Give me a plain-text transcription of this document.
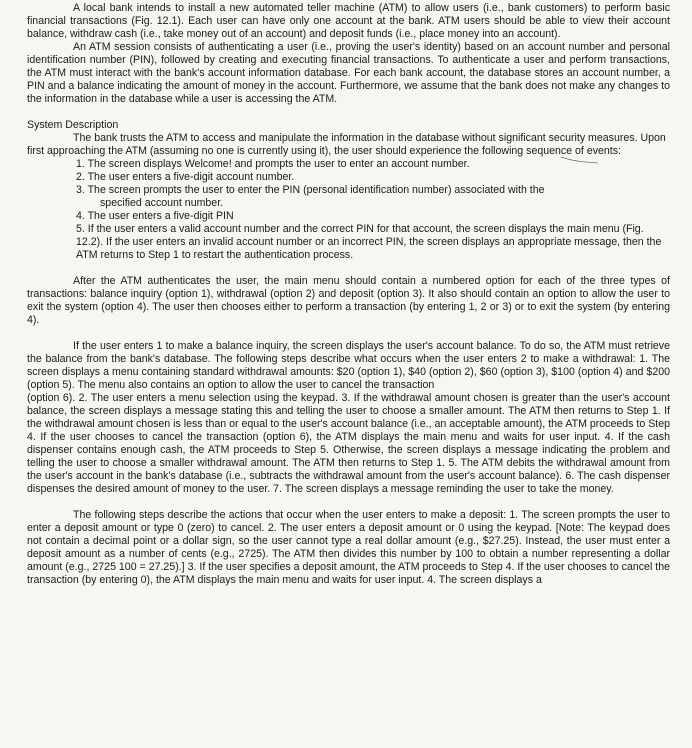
A local bank intends to install a new automated teller machine (ATM) to allow users (i.e., bank customers) to perform basic financial transactions (Fig. 12.1). Each user can have only one account at the bank. ATM users should be able to view their account balance, withdraw cash (i.e., take money out of an account) and deposit funds (i.e., place money into an account).

An ATM session consists of authenticating a user (i.e., proving the user's identity) based on an account number and personal identification number (PIN), followed by creating and executing financial transactions. To authenticate a user and perform transactions, the ATM must interact with the bank's account information database. For each bank account, the database stores an account number, a PIN and a balance indicating the amount of money in the account. Furthermore, we assume that the bank does not make any changes to the information in the database while a user is accessing the ATM.

System Description

The bank trusts the ATM to access and manipulate the information in the database without significant security measures. Upon first approaching the ATM (assuming no one is currently using it), the user should experience the following sequence of events:

1. The screen displays Welcome! and prompts the user to enter an account number.
2. The user enters a five-digit account number.
3. The screen prompts the user to enter the PIN (personal identification number) associated with the
specified account number.
4. The user enters a five-digit PIN
5. If the user enters a valid account number and the correct PIN for that account, the screen displays the main menu (Fig. 12.2). If the user enters an invalid account number or an incorrect PIN, the screen displays an appropriate message, then the ATM returns to Step 1 to restart the authentication process.

After the ATM authenticates the user, the main menu should contain a numbered option for each of the three types of transactions: balance inquiry (option 1), withdrawal (option 2) and deposit (option 3). It also should contain an option to allow the user to exit the system (option 4). The user then chooses either to perform a transaction (by entering 1, 2 or 3) or to exit the system (by entering 4).

If the user enters 1 to make a balance inquiry, the screen displays the user's account balance. To do so, the ATM must retrieve the balance from the bank's database. The following steps describe what occurs when the user enters 2 to make a withdrawal: 1. The screen displays a menu containing standard withdrawal amounts: $20 (option 1), $40 (option 2), $60 (option 3), $100 (option 4) and $200 (option 5). The menu also contains an option to allow the user to cancel the transaction

(option 6). 2. The user enters a menu selection using the keypad. 3. If the withdrawal amount chosen is greater than the user's account balance, the screen displays a message stating this and telling the user to choose a smaller amount. The ATM then returns to Step 1. If the withdrawal amount chosen is less than or equal to the user's account balance (i.e., an acceptable amount), the ATM proceeds to Step 4. If the user chooses to cancel the transaction (option 6), the ATM displays the main menu and waits for user input. 4. If the cash dispenser contains enough cash, the ATM proceeds to Step 5. Otherwise, the screen displays a message indicating the problem and telling the user to choose a smaller withdrawal amount. The ATM then returns to Step 1. 5. The ATM debits the withdrawal amount from the user's account in the bank's database (i.e., subtracts the withdrawal amount from the user's account balance). 6. The cash dispenser dispenses the desired amount of money to the user. 7. The screen displays a message reminding the user to take the money.

The following steps describe the actions that occur when the user enters to make a deposit: 1. The screen prompts the user to enter a deposit amount or type 0 (zero) to cancel. 2. The user enters a deposit amount or 0 using the keypad. [Note: The keypad does not contain a decimal point or a dollar sign, so the user cannot type a real dollar amount (e.g., $27.25). Instead, the user must enter a deposit amount as a number of cents (e.g., 2725). The ATM then divides this number by 100 to obtain a number representing a dollar amount (e.g., 2725 100 = 27.25).] 3. If the user specifies a deposit amount, the ATM proceeds to Step 4. If the user chooses to cancel the transaction (by entering 0), the ATM displays the main menu and waits for user input. 4. The screen displays a
